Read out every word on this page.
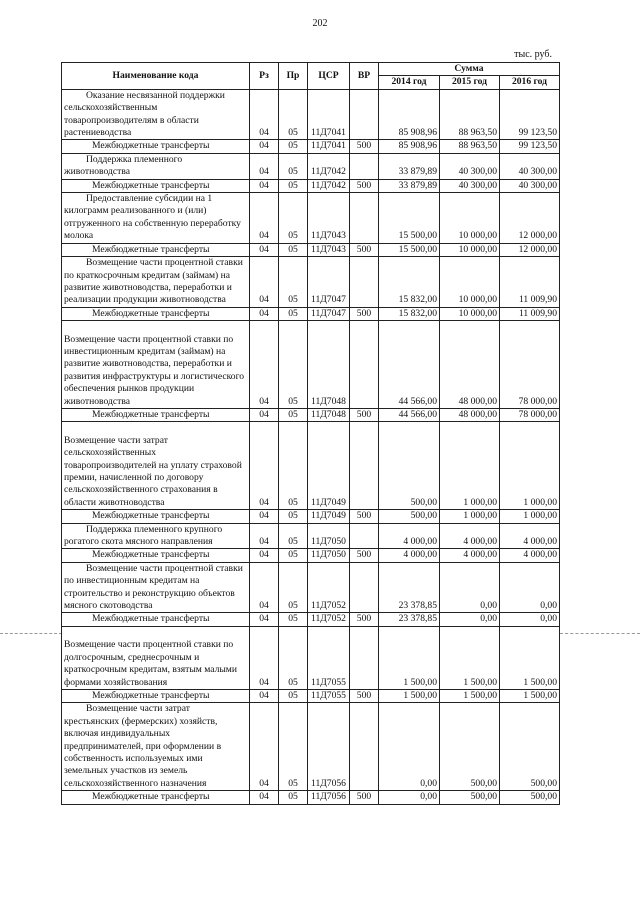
202
тыс. руб.
Наименование кода	Рз	Пр	ЦСР	ВР	Сумма		
					2014 год	2015 год	2016 год
Оказание несвязанной поддержки сельскохозяйственным товаропроизводителям в области растениеводства	04	05	11Д7041		85 908,96	88 963,50	99 123,50
Межбюджетные трансферты	04	05	11Д7041	500	85 908,96	88 963,50	99 123,50
Поддержка племенного животноводства	04	05	11Д7042		33 879,89	40 300,00	40 300,00
Межбюджетные трансферты	04	05	11Д7042	500	33 879,89	40 300,00	40 300,00
Предоставление субсидии на 1 килограмм реализованного и (или) отгруженного на собственную переработку молока	04	05	11Д7043		15 500,00	10 000,00	12 000,00
Межбюджетные трансферты	04	05	11Д7043	500	15 500,00	10 000,00	12 000,00
Возмещение части процентной ставки по краткосрочным кредитам (займам) на развитие животноводства, переработки и реализации продукции животноводства	04	05	11Д7047		15 832,00	10 000,00	11 009,90
Межбюджетные трансферты	04	05	11Д7047	500	15 832,00	10 000,00	11 009,90

Возмещение части процентной ставки по инвестиционным кредитам (займам) на развитие животноводства, переработки и развития инфраструктуры и логистического обеспечения рынков продукции животноводства	04	05	11Д7048		44 566,00	48 000,00	78 000,00
Межбюджетные трансферты	04	05	11Д7048	500	44 566,00	48 000,00	78 000,00

Возмещение части затрат сельскохозяйственных товаропроизводителей на уплату страховой премии, начисленной по договору сельскохозяйственного страхования в области животноводства	04	05	11Д7049		500,00	1 000,00	1 000,00
Межбюджетные трансферты	04	05	11Д7049	500	500,00	1 000,00	1 000,00
Поддержка племенного крупного рогатого скота мясного направления	04	05	11Д7050		4 000,00	4 000,00	4 000,00
Межбюджетные трансферты	04	05	11Д7050	500	4 000,00	4 000,00	4 000,00
Возмещение части процентной ставки по инвестиционным кредитам на строительство и реконструкцию объектов мясного скотоводства	04	05	11Д7052		23 378,85	0,00	0,00
Межбюджетные трансферты	04	05	11Д7052	500	23 378,85	0,00	0,00

Возмещение части процентной ставки по долгосрочным, среднесрочным и краткосрочным кредитам, взятым малыми формами хозяйствования	04	05	11Д7055		1 500,00	1 500,00	1 500,00
Межбюджетные трансферты	04	05	11Д7055	500	1 500,00	1 500,00	1 500,00
Возмещение части затрат крестьянских (фермерских) хозяйств, включая индивидуальных предпринимателей, при оформлении в собственность используемых ими земельных участков из земель сельскохозяйственного назначения	04	05	11Д7056		0,00	500,00	500,00
Межбюджетные трансферты	04	05	11Д7056	500	0,00	500,00	500,00
